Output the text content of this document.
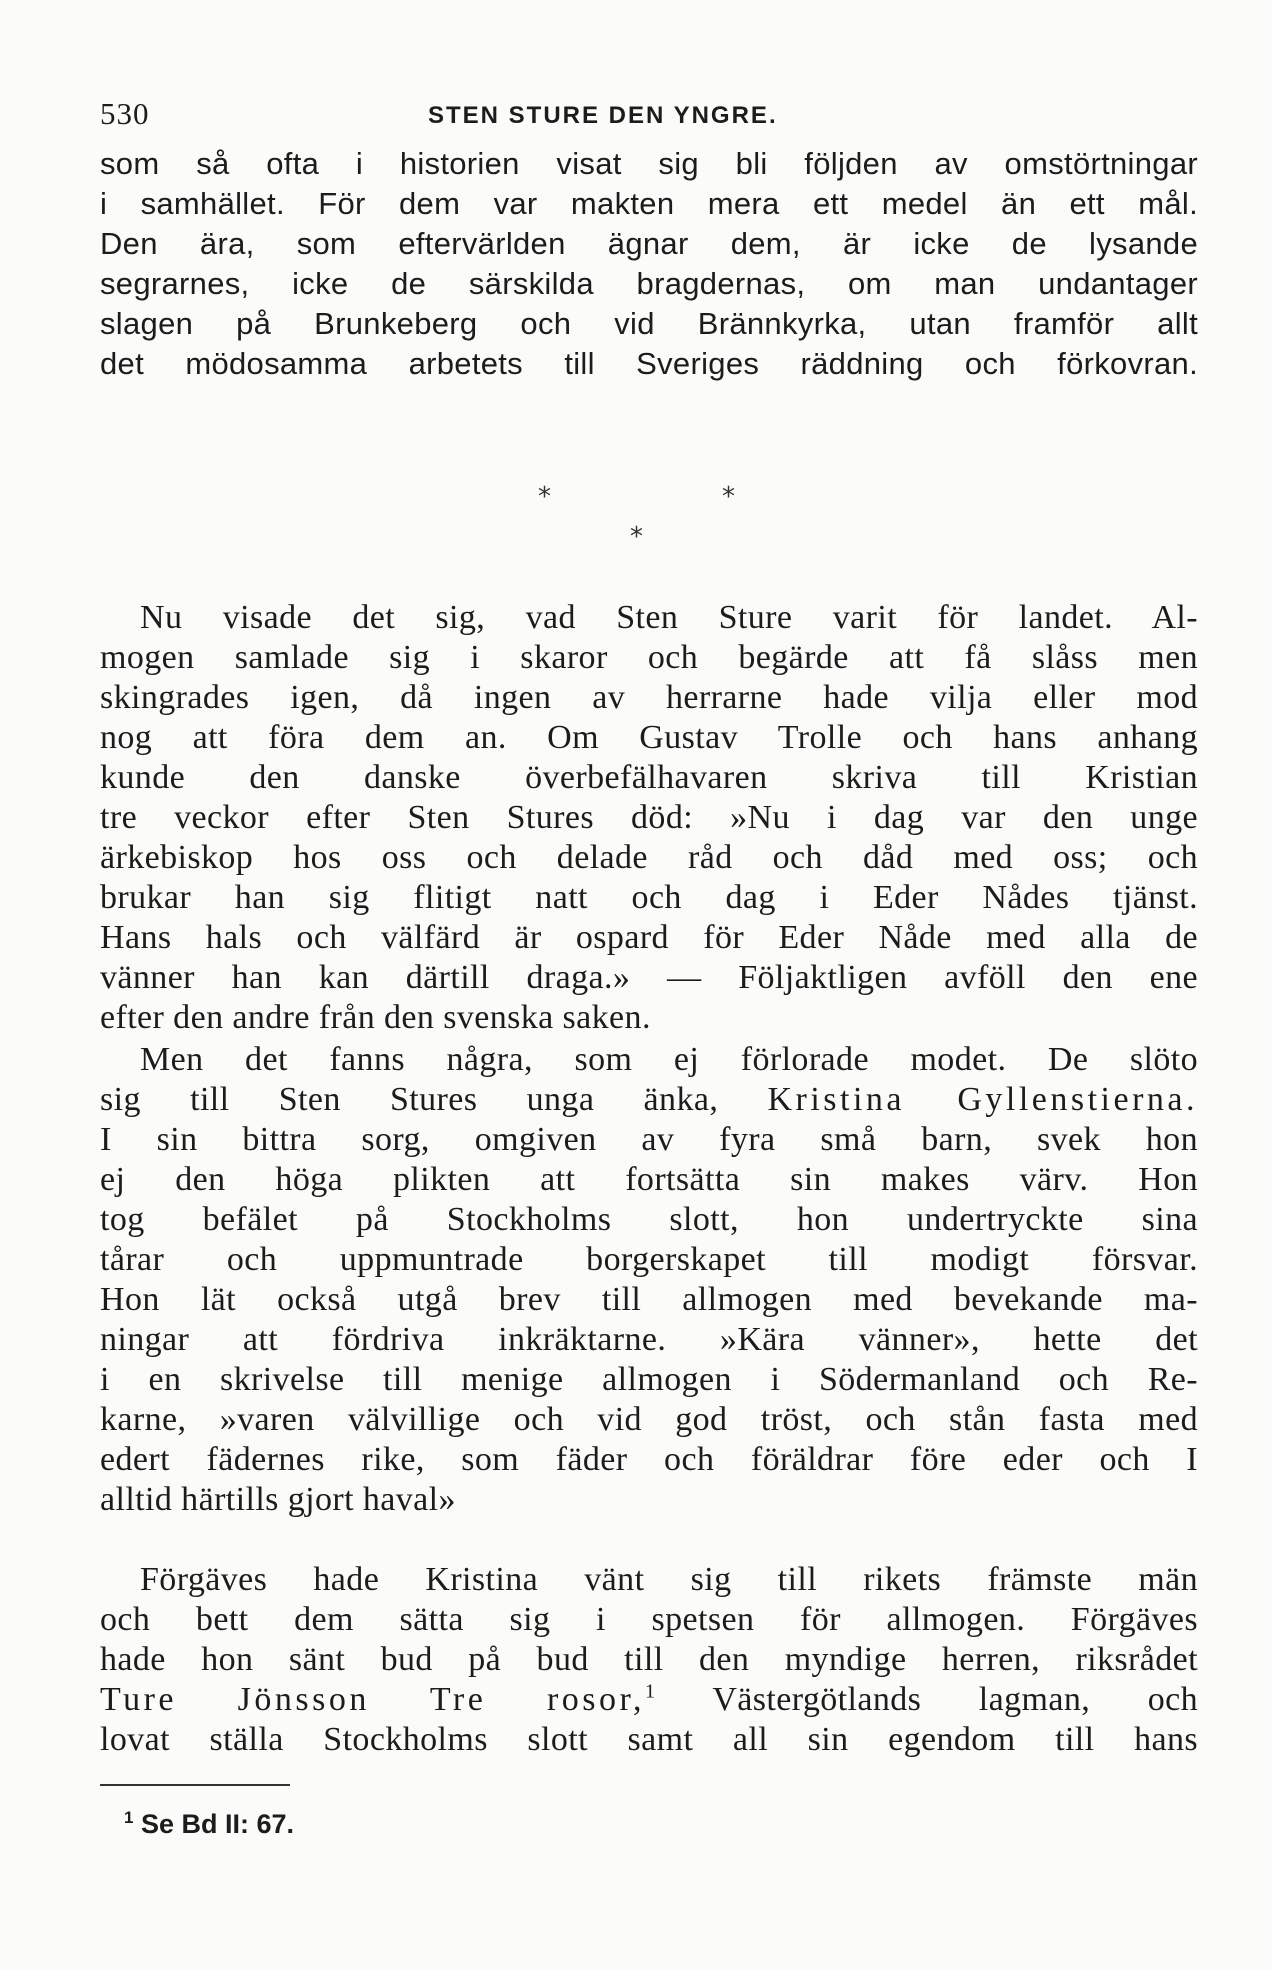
530	STEN STURE DEN YNGRE.
som så ofta i historien visat sig bli följden av omstörtningar
i samhället. För dem var makten mera ett medel än ett mål.
Den ära, som eftervärlden ägnar dem, är icke de lysande
segrarnes, icke de särskilda bragdernas, om man undantager
slagen på Brunkeberg och vid Brännkyrka, utan framför allt
det mödosamma arbetets till Sveriges räddning och förkovran.
*	*
*
Nu visade det sig, vad Sten Sture varit för landet. Al-
mogen samlade sig i skaror och begärde att få slåss men
skingrades igen, då ingen av herrarne hade vilja eller mod
nog att föra dem an. Om Gustav Trolle och hans anhang
kunde den danske överbefälhavaren skriva till Kristian
tre veckor efter Sten Stures död: »Nu i dag var den unge
ärkebiskop hos oss och delade råd och dåd med oss; och
brukar han sig flitigt natt och dag i Eder Nådes tjänst.
Hans hals och välfärd är ospard för Eder Nåde med alla de
vänner han kan därtill draga.» — Följaktligen avföll den ene
efter den andre från den svenska saken.
Men det fanns några, som ej förlorade modet. De slöto
sig till Sten Stures unga änka, Kristina Gyllenstierna.
I sin bittra sorg, omgiven av fyra små barn, svek hon
ej den höga plikten att fortsätta sin makes värv. Hon
tog befälet på Stockholms slott, hon undertryckte sina
tårar och uppmuntrade borgerskapet till modigt försvar.
Hon lät också utgå brev till allmogen med bevekande ma-
ningar att fördriva inkräktarne. »Kära vänner», hette det
i en skrivelse till menige allmogen i Södermanland och Re-
karne, »varen välvillige och vid god tröst, och stån fasta med
edert fädernes rike, som fäder och föräldrar före eder och I
alltid härtills gjort haval»
Förgäves hade Kristina vänt sig till rikets främste män
och bett dem sätta sig i spetsen för allmogen. Förgäves
hade hon sänt bud på bud till den myndige herren, riksrådet
Ture Jönsson Tre rosor,$^1$ Västergötlands lagman, och
lovat ställa Stockholms slott samt all sin egendom till hans
$^1$ Se Bd II: 67.
